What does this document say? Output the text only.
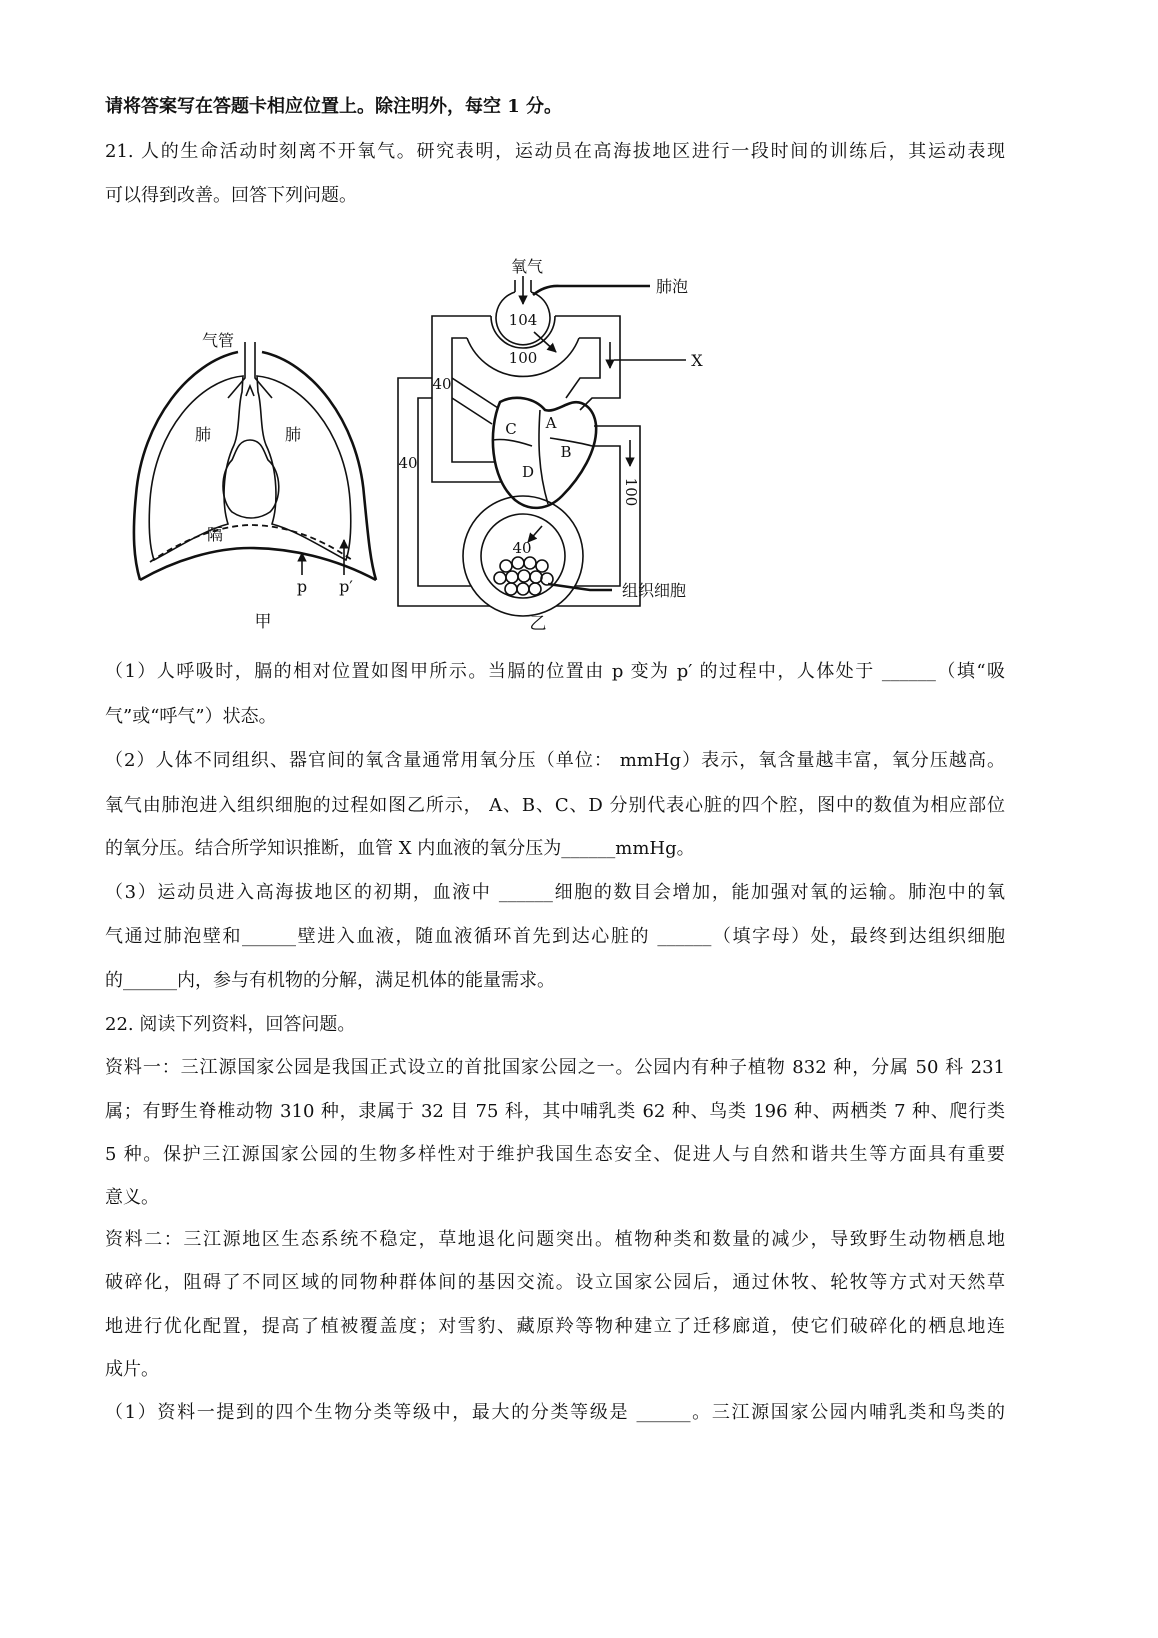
请将答案写在答题卡相应位置上。除注明外，每空 1 分。
21. 人的生命活动时刻离不开氧气。研究表明，运动员在高海拔地区进行一段时间的训练后，其运动表现
可以得到改善。回答下列问题。
气管
肺	肺
隔
p p′
甲
氧气
肺泡
104
100	X
40
40
C A
B
D
100
40
组织细胞
乙
（1）人呼吸时，膈的相对位置如图甲所示。当膈的位置由 p 变为 p′ 的过程中，人体处于 ______（填“吸
气”或“呼气”）状态。
（2）人体不同组织、器官间的氧含量通常用氧分压（单位： mmHg）表示，氧含量越丰富，氧分压越高。
氧气由肺泡进入组织细胞的过程如图乙所示， A、B、C、D 分别代表心脏的四个腔，图中的数值为相应部位
的氧分压。结合所学知识推断，血管 X 内血液的氧分压为______mmHg。
（3）运动员进入高海拔地区的初期，血液中 ______细胞的数目会增加，能加强对氧的运输。肺泡中的氧
气通过肺泡壁和______壁进入血液，随血液循环首先到达心脏的 ______（填字母）处，最终到达组织细胞
的______内，参与有机物的分解，满足机体的能量需求。
22. 阅读下列资料，回答问题。
资料一：三江源国家公园是我国正式设立的首批国家公园之一。公园内有种子植物 832 种，分属 50 科 231
属；有野生脊椎动物 310 种，隶属于 32 目 75 科，其中哺乳类 62 种、鸟类 196 种、两栖类 7 种、爬行类
5 种。保护三江源国家公园的生物多样性对于维护我国生态安全、促进人与自然和谐共生等方面具有重要
意义。
资料二：三江源地区生态系统不稳定，草地退化问题突出。植物种类和数量的减少，导致野生动物栖息地
破碎化，阻碍了不同区域的同物种群体间的基因交流。设立国家公园后，通过休牧、轮牧等方式对天然草
地进行优化配置，提高了植被覆盖度；对雪豹、藏原羚等物种建立了迁移廊道，使它们破碎化的栖息地连
成片。
（1）资料一提到的四个生物分类等级中，最大的分类等级是 ______。三江源国家公园内哺乳类和鸟类的
